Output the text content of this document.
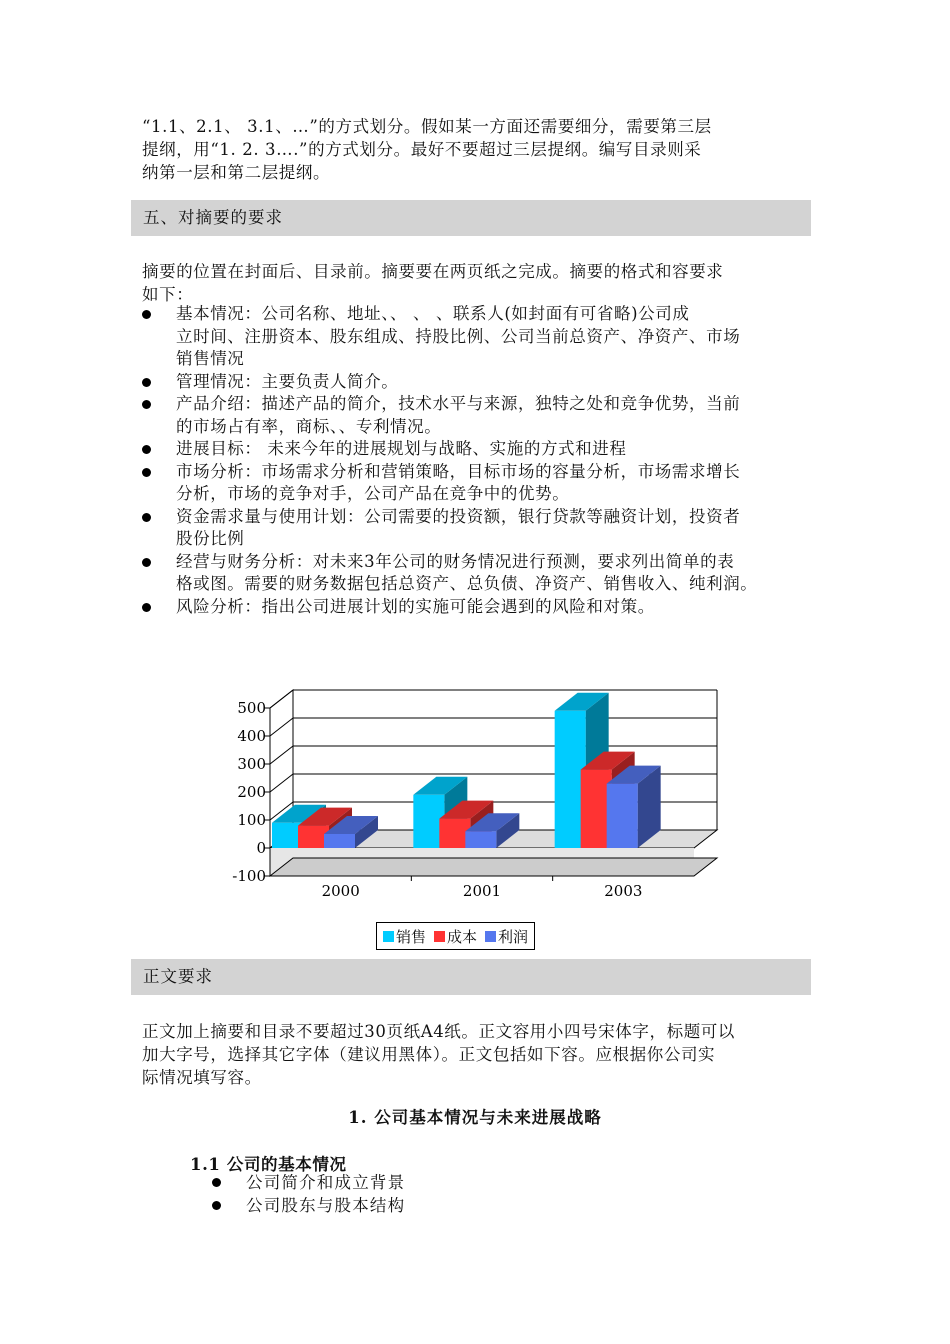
“1.1、2.1、 3.1、…”的方式划分。假如某一方面还需要细分，需要第三层
提纲，用“1. 2. 3….”的方式划分。最好不要超过三层提纲。编写目录则采
纳第一层和第二层提纲。
五、对摘要的要求
摘要的位置在封面后、目录前。摘要要在两页纸之完成。摘要的格式和容要求
如下：
基本情况：公司名称、地址、、 、 、联系人(如封面有可省略)公司成
立时间、注册资本、股东组成、持股比例、公司当前总资产、净资产、市场
销售情况
管理情况：主要负责人简介。
产品介绍：描述产品的简介，技术水平与来源，独特之处和竞争优势，当前
的市场占有率，商标、、专利情况。
进展目标： 未来今年的进展规划与战略、实施的方式和进程
市场分析：市场需求分析和营销策略，目标市场的容量分析，市场需求增长
分析，市场的竞争对手，公司产品在竞争中的优势。
资金需求量与使用计划：公司需要的投资额，银行贷款等融资计划，投资者
股份比例
经营与财务分析：对未来3年公司的财务情况进行预测，要求列出简单的表
格或图。需要的财务数据包括总资产、总负债、净资产、销售收入、纯利润。
风险分析：指出公司进展计划的实施可能会遇到的风险和对策。
500
400
300
200
100
0
-100
2000	2001	2003
销售 成本 利润
正文要求
正文加上摘要和目录不要超过30页纸A4纸。正文容用小四号宋体字，标题可以
加大字号，选择其它字体（建议用黑体）。正文包括如下容。应根据你公司实
际情况填写容。
1. 公司基本情况与未来进展战略
1.1 公司的基本情况
公司简介和成立背景
公司股东与股本结构
